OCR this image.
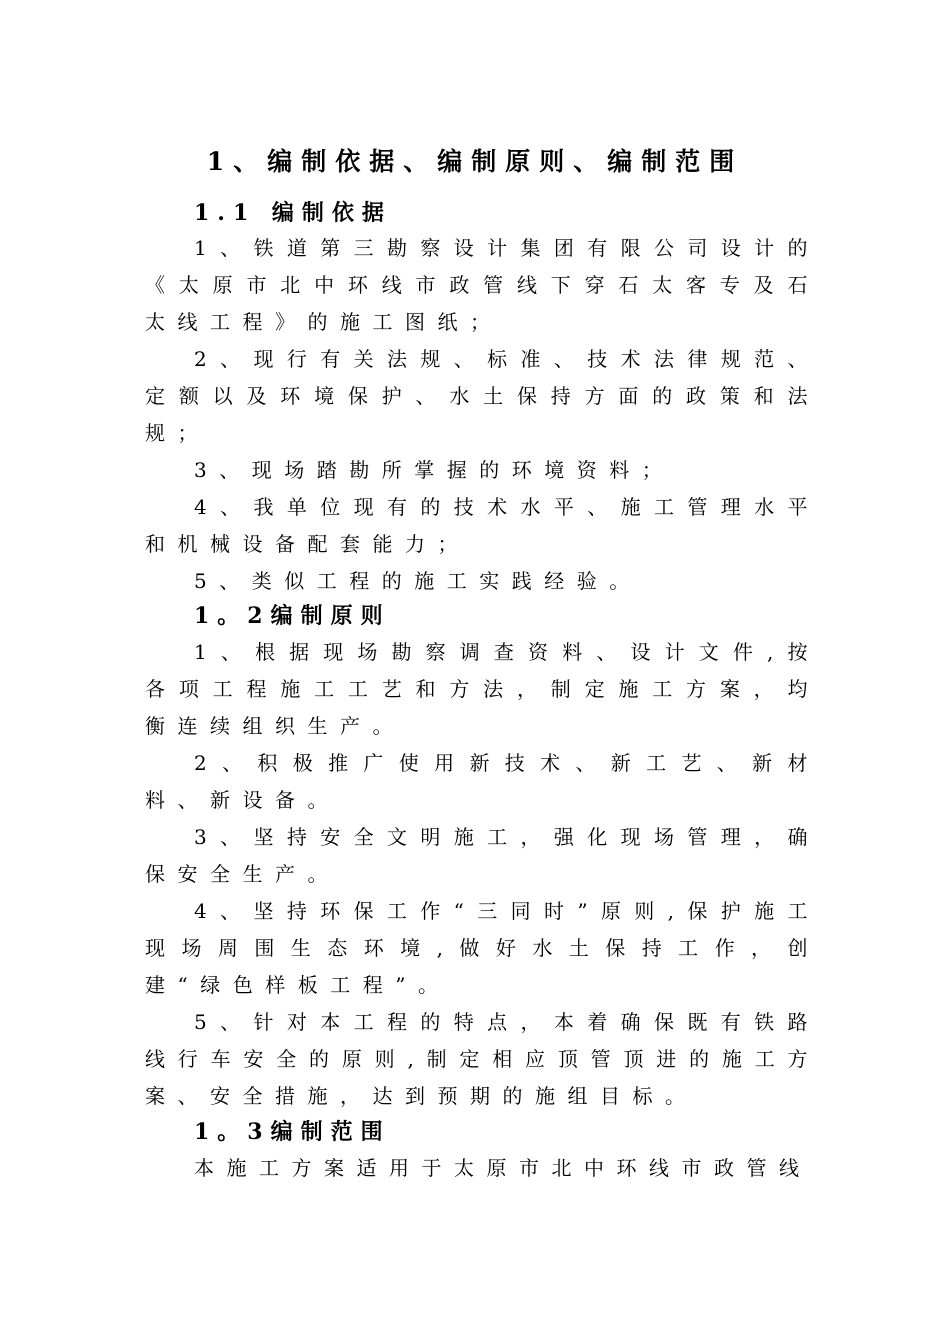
1、编制依据、编制原则、编制范围
1.1 编制依据

1、铁道第三勘察设计集团有限公司设计的《太原市北中环线市政管线下穿石太客专及石太线工程》的施工图纸；

2、现行有关法规、标准、技术法律规范、定额以及环境保护、水土保持方面的政策和法规；

3、现场踏勘所掌握的环境资料；

4、我单位现有的技术水平、施工管理水平和机械设备配套能力；

5、类似工程的施工实践经验。

1。2编制原则

1、根据现场勘察调查资料、设计文件,按各项工程施工工艺和方法，制定施工方案，均衡连续组织生产。

2、积极推广使用新技术、新工艺、新材料、新设备。

3、坚持安全文明施工，强化现场管理，确保安全生产。

4、坚持环保工作“三同时”原则,保护施工现场周围生态环境,做好水土保持工作，创建“绿色样板工程”。

5、针对本工程的特点，本着确保既有铁路线行车安全的原则,制定相应顶管顶进的施工方案、安全措施，达到预期的施组目标。

1。3编制范围

本施工方案适用于太原市北中环线市政管线
